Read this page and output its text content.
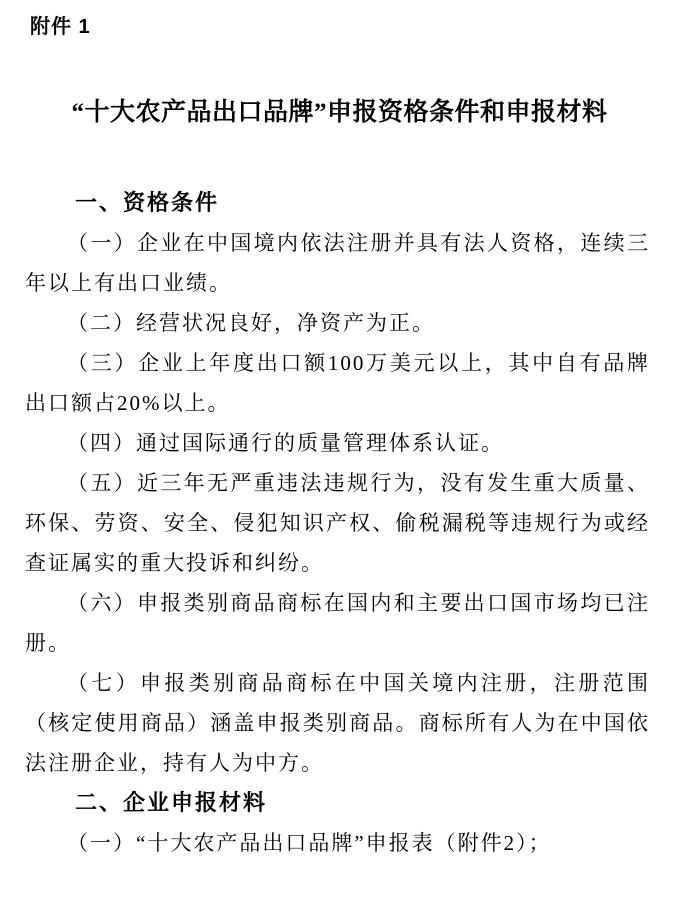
附件 1

“十大农产品出口品牌”申报资格条件和申报材料
一、资格条件

（一）企业在中国境内依法注册并具有法人资格，连续三年以上有出口业绩。

（二）经营状况良好，净资产为正。

（三）企业上年度出口额100万美元以上，其中自有品牌出口额占20%以上。

（四）通过国际通行的质量管理体系认证。

（五）近三年无严重违法违规行为，没有发生重大质量、环保、劳资、安全、侵犯知识产权、偷税漏税等违规行为或经查证属实的重大投诉和纠纷。

（六）申报类别商品商标在国内和主要出口国市场均已注册。

（七）申报类别商品商标在中国关境内注册，注册范围（核定使用商品）涵盖申报类别商品。商标所有人为在中国依法注册企业，持有人为中方。

二、企业申报材料

（一）“十大农产品出口品牌”申报表（附件2）；
